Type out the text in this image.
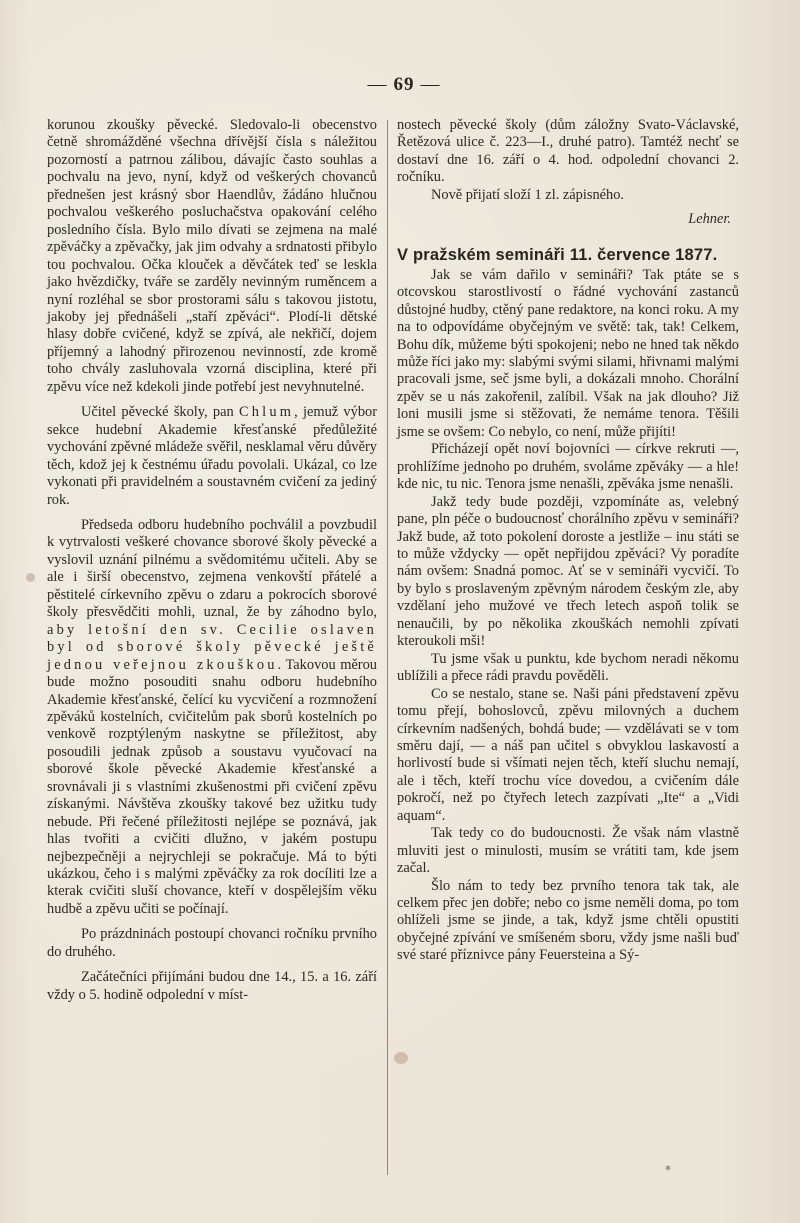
— 69 —

korunou zkoušky pěvecké. Sledovalo-li obecenstvo četně shromážděné všechna dřívější čísla s náležitou pozorností a patrnou zálibou, dávajíc často souhlas a pochvalu na jevo, nyní, když od veškerých chovanců přednešen jest krásný sbor Haendlův, žádáno hlučnou pochvalou veškerého posluchačstva opakování celého posledního čísla. Bylo milo dívati se zejmena na malé zpěváčky a zpěvačky, jak jim odvahy a srdnatosti přibylo tou pochvalou. Očka klouček a děvčátek teď se leskla jako hvězdičky, tváře se zarděly nevinným ruměncem a nyní rozléhal se sbor prostorami sálu s takovou jistotu, jakoby jej přednášeli „staří zpěváci“. Plodí-li dětské hlasy dobře cvičené, když se zpívá, ale nekřičí, dojem příjemný a lahodný přirozenou nevinností, zde kromě toho chvály zasluhovala vzorná disciplina, které při zpěvu více než kdekoli jinde potřebí jest nevyhnutelné.

Učitel pěvecké školy, pan Chlum, jemuž výbor sekce hudební Akademie křesťanské předůležité vychování zpěvné mládeže svěřil, nesklamal věru důvěry těch, kdož jej k čestnému úřadu povolali. Ukázal, co lze vykonati při pravidelném a soustavném cvičení za jediný rok.

Předseda odboru hudebního pochválil a povzbudil k vytrvalosti veškeré chovance sborové školy pěvecké a vyslovil uznání pilnému a svědomitému učiteli. Aby se ale i širší obecenstvo, zejmena venkovští přátelé a pěstitelé církevního zpěvu o zdaru a pokrocích sborové školy přesvědčiti mohli, uznal, že by záhodno bylo, aby letošní den sv. Cecilie oslaven byl od sborové školy pěvecké ještě jednou veřejnou zkouškou. Takovou měrou bude možno posouditi snahu odboru hudebního Akademie křesťanské, čelící ku vycvičení a rozmnožení zpěváků kostelních, cvičitelům pak sborů kostelních po venkově rozptýleným naskytne se příležitost, aby posoudili jednak způsob a soustavu vyučovací na sborové škole pěvecké Akademie křesťanské a srovnávali ji s vlastními zkušenostmi při cvičení zpěvu získanými. Návštěva zkoušky takové bez užitku tudy nebude. Při řečené příležitosti nejlépe se poznává, jak hlas tvořiti a cvičiti dlužno, v jakém postupu nejbezpečněji a nejrychleji se pokračuje. Má to býti ukázkou, čeho i s malými zpěváčky za rok docíliti lze a kterak cvičiti sluší chovance, kteří v dospělejším věku hudbě a zpěvu učiti se počínají.

Po prázdninách postoupí chovanci ročníku prvního do druhého.

Začátečníci přijímáni budou dne 14., 15. a 16. září vždy o 5. hodině odpolední v míst-

nostech pěvecké školy (dům záložny Svato-Václavské, Řetězová ulice č. 223—I., druhé patro). Tamtéž nechť se dostaví dne 16. září o 4. hod. odpolední chovanci 2. ročníku.

Nově přijatí složí 1 zl. zápisného.

Lehner.

V pražském semináři 11. července 1877.

Jak se vám dařilo v semináři? Tak ptáte se s otcovskou starostlivostí o řádné vychování zastanců důstojné hudby, ctěný pane redaktore, na konci roku. A my na to odpovídáme obyčejným ve světě: tak, tak! Celkem, Bohu dík, můžeme býti spokojeni; nebo ne hned tak někdo může říci jako my: slabými svými silami, hřivnami malými pracovali jsme, seč jsme byli, a dokázali mnoho. Chorální zpěv se u nás zakořenil, zalíbil. Však na jak dlouho? Již loni musili jsme si stěžovati, že nemáme tenora. Těšili jsme se ovšem: Co nebylo, co není, může přijíti!

Přicházejí opět noví bojovníci — církve rekruti —, prohlížíme jednoho po druhém, svoláme zpěváky — a hle! kde nic, tu nic. Tenora jsme nenašli, zpěváka jsme nenašli.

Jakž tedy bude později, vzpomínáte as, velebný pane, pln péče o budoucnosť chorálního zpěvu v semináři? Jakž bude, až toto pokolení doroste a jestliže – inu státi se to může vždycky — opět nepřijdou zpěváci? Vy poradíte nám ovšem: Snadná pomoc. Ať se v semináři vycvičí. To by bylo s proslaveným zpěvným národem českým zle, aby vzdělaní jeho mužové ve třech letech aspoň tolik se nenaučili, by po několika zkouškách nemohli zpívati kteroukoli mši!

Tu jsme však u punktu, kde bychom neradi někomu ublížili a přece rádi pravdu pověděli.

Co se nestalo, stane se. Naši páni představení zpěvu tomu přejí, bohoslovců, zpěvu milovných a duchem církevním nadšených, bohdá bude; — vzdělávati se v tom směru dají, — a náš pan učitel s obvyklou laskavostí a horlivostí bude si všímati nejen těch, kteří sluchu nemají, ale i těch, kteří trochu více dovedou, a cvičením dále pokročí, než po čtyřech letech zazpívati „Ite“ a „Vidi aquam“.

Tak tedy co do budoucnosti. Že však nám vlastně mluviti jest o minulosti, musím se vrátiti tam, kde jsem začal.

Šlo nám to tedy bez prvního tenora tak tak, ale celkem přec jen dobře; nebo co jsme neměli doma, po tom ohlíželi jsme se jinde, a tak, když jsme chtěli opustiti obyčejné zpívání ve smíšeném sboru, vždy jsme našli buď své staré příznivce pány Feuersteina a Sý-

*
